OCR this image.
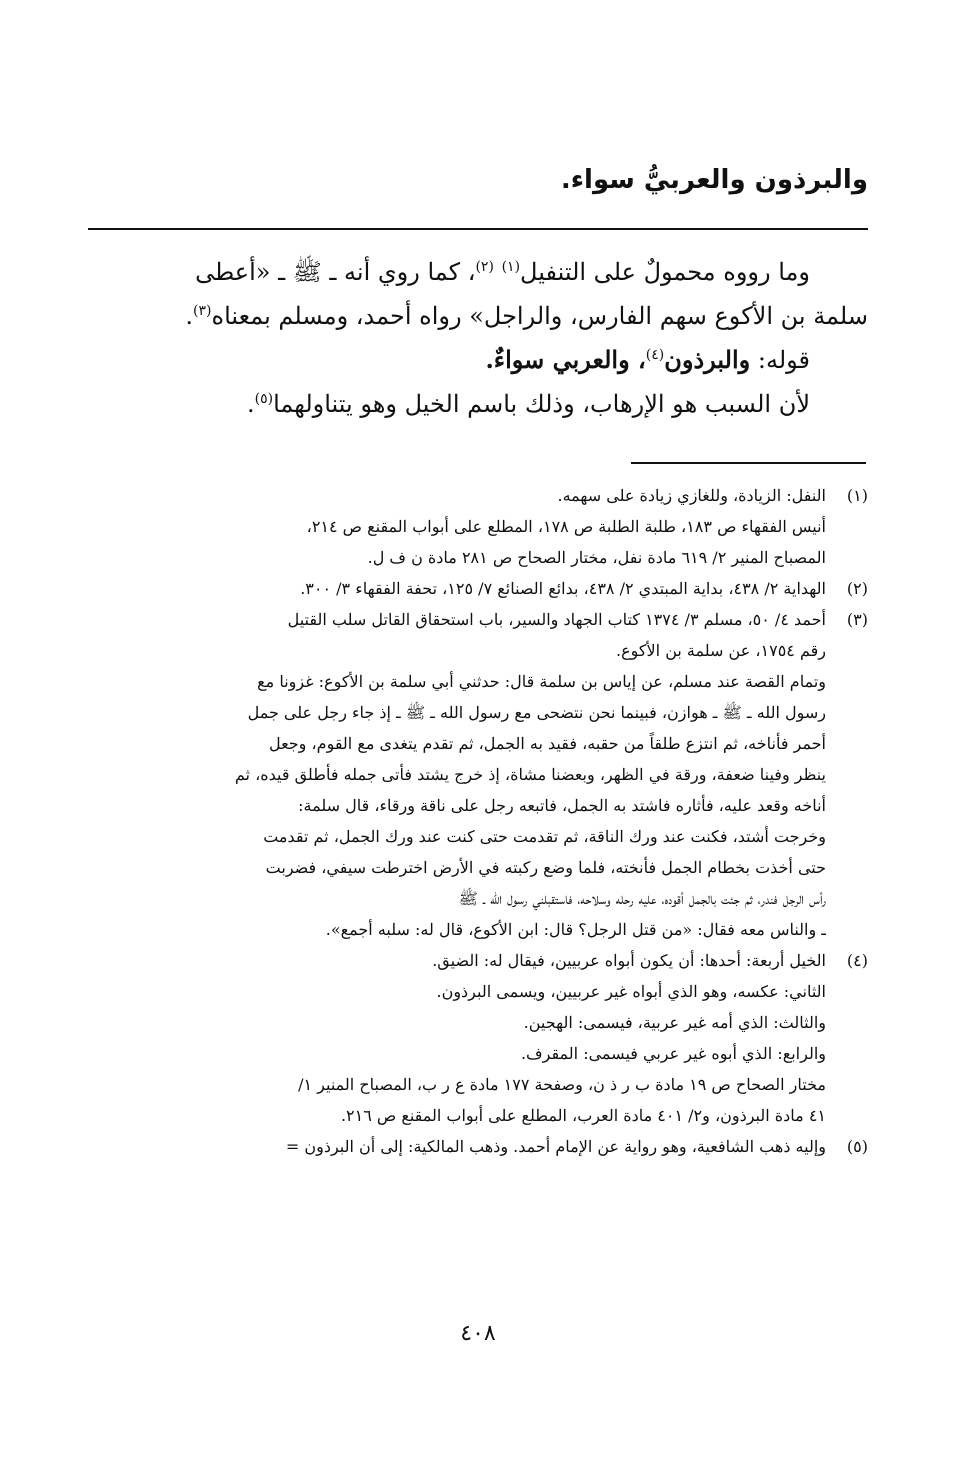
والبرذون والعربيُّ سواء.

وما رووه محمولٌ على التنفيل$^{(١)}$ $^{(٢)}$، كما روي أنه ـ ﷺ ـ «أعطى

سلمة بن الأكوع سهم الفارس، والراجل» رواه أحمد، ومسلم بمعناه$^{(٣)}$.

قوله: والبرذون$^{(٤)}$، والعربي سواءٌ.

لأن السبب هو الإرهاب، وذلك باسم الخيل وهو يتناولهما$^{(٥)}$.

(١)
النفل: الزيادة، وللغازي زيادة على سهمه.
أنيس الفقهاء ص ١٨٣، طلبة الطلبة ص ١٧٨، المطلع على أبواب المقنع ص ٢١٤،
المصباح المنير ٢/ ٦١٩ مادة نفل، مختار الصحاح ص ٢٨١ مادة ن ف ل.
(٢)
الهداية ٢/ ٤٣٨، بداية المبتدي ٢/ ٤٣٨، بدائع الصنائع ٧/ ١٢٥، تحفة الفقهاء ٣/ ٣٠٠.
(٣)
أحمد ٤/ ٥٠، مسلم ٣/ ١٣٧٤ كتاب الجهاد والسير، باب استحقاق القاتل سلب القتيل
رقم ١٧٥٤، عن سلمة بن الأكوع.
وتمام القصة عند مسلم، عن إياس بن سلمة قال: حدثني أبي سلمة بن الأكوع: غزونا مع
رسول الله ـ ﷺ ـ هوازن، فبينما نحن نتضحى مع رسول الله ـ ﷺ ـ إذ جاء رجل على جمل
أحمر فأناخه، ثم انتزع طلقاً من حقبه، فقيد به الجمل، ثم تقدم يتغدى مع القوم، وجعل
ينظر وفينا ضعفة، ورقة في الظهر، وبعضنا مشاة، إذ خرج يشتد فأتى جمله فأطلق قيده، ثم
أناخه وقعد عليه، فأثاره فاشتد به الجمل، فاتبعه رجل على ناقة ورقاء، قال سلمة:
وخرجت أشتد، فكنت عند ورك الناقة، ثم تقدمت حتى كنت عند ورك الجمل، ثم تقدمت
حتى أخذت بخطام الجمل فأنخته، فلما وضع ركبته في الأرض اخترطت سيفي، فضربت
رأس الرجل فندر، ثم جئت بالجمل أقوده، عليه رحله وسلاحه، فاستقبلني رسول الله ـ ﷺ
ـ والناس معه فقال: «من قتل الرجل؟ قال: ابن الأكوع، قال له: سلبه أجمع».
(٤)
الخيل أربعة: أحدها: أن يكون أبواه عربيين، فيقال له: الضيق.
الثاني: عكسه، وهو الذي أبواه غير عربيين، ويسمى البرذون.
والثالث: الذي أمه غير عربية، فيسمى: الهجين.
والرابع: الذي أبوه غير عربي فيسمى: المقرف.
مختار الصحاح ص ١٩ مادة ب ر ذ ن، وصفحة ١٧٧ مادة ع ر ب، المصباح المنير ١/
٤١ مادة البرذون، و٢/ ٤٠١ مادة العرب، المطلع على أبواب المقنع ص ٢١٦.
(٥)
وإليه ذهب الشافعية، وهو رواية عن الإمام أحمد. وذهب المالكية: إلى أن البرذون =
٤٠٨
